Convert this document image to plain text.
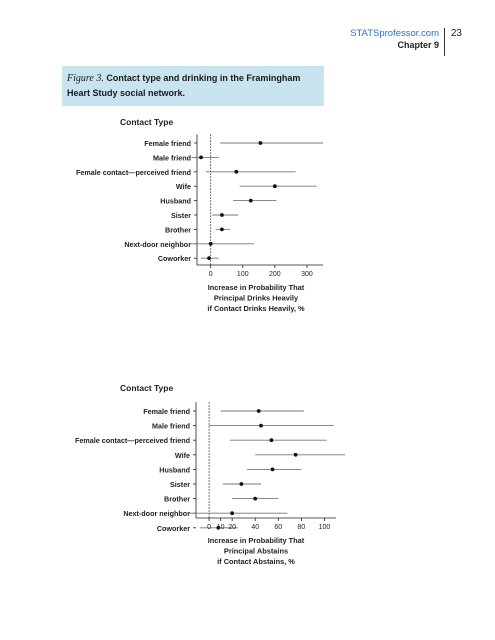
STATSprofessor.com
Chapter 9
23
Figure 3. Contact type and drinking in the Framingham
Heart Study social network.
Contact Type
Female friend
Male friend
Female contact—perceived friend
Wife
Husband
Sister
Brother
Next-door neighbor
Coworker
0	100	200	300
Increase in Probability That
Principal Drinks Heavily
if Contact Drinks Heavily, %
Contact Type
Female friend
Male friend
Female contact—perceived friend
Wife
Husband
Sister
Brother
Next-door neighbor
Coworker 0 10 20 40 60 80 100
Increase in Probability That
Principal Abstains
if Contact Abstains, %
